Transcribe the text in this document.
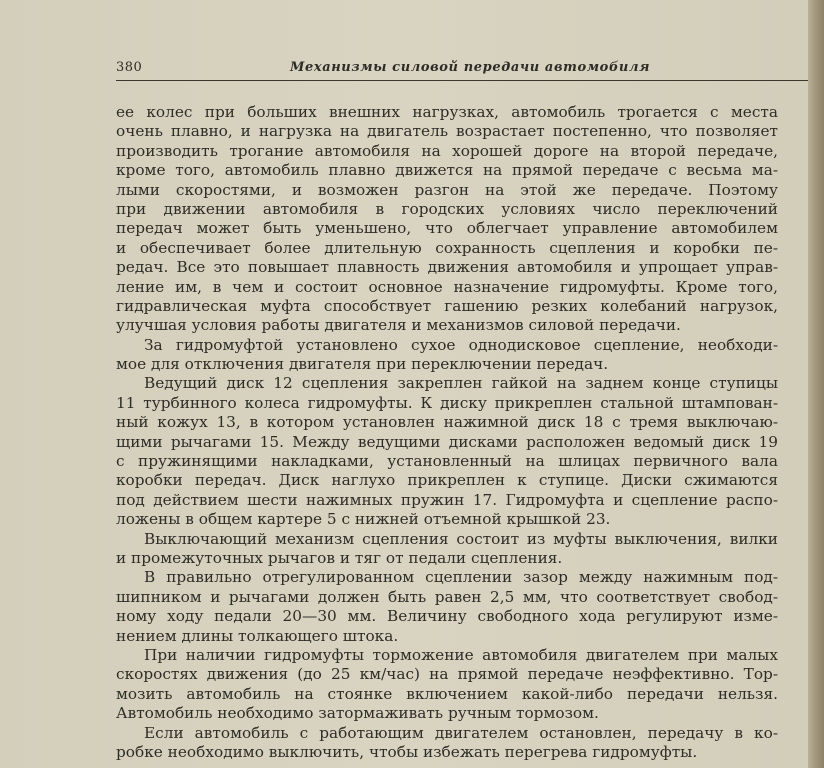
380	Механизмы силовой передачи автомобиля
ее колес при больших внешних нагрузках, автомобиль трогается с места
очень плавно, и нагрузка на двигатель возрастает постепенно, что позволяет
производить трогание автомобиля на хорошей дороге на второй передаче,
кроме того, автомобиль плавно движется на прямой передаче с весьма ма-
лыми скоростями, и возможен разгон на этой же передаче. Поэтому
при движении автомобиля в городских условиях число переключений
передач может быть уменьшено, что облегчает управление автомобилем
и обеспечивает более длительную сохранность сцепления и коробки пе-
редач. Все это повышает плавность движения автомобиля и упрощает управ-
ление им, в чем и состоит основное назначение гидромуфты. Кроме того,
гидравлическая муфта способствует гашению резких колебаний нагрузок,
улучшая условия работы двигателя и механизмов силовой передачи.
За гидромуфтой установлено сухое однодисковое сцепление, необходи-
мое для отключения двигателя при переключении передач.
Ведущий диск 12 сцепления закреплен гайкой на заднем конце ступицы
11 турбинного колеса гидромуфты. К диску прикреплен стальной штампован-
ный кожух 13, в котором установлен нажимной диск 18 с тремя выключаю-
щими рычагами 15. Между ведущими дисками расположен ведомый диск 19
с пружинящими накладками, установленный на шлицах первичного вала
коробки передач. Диск наглухо прикреплен к ступице. Диски сжимаются
под действием шести нажимных пружин 17. Гидромуфта и сцепление распо-
ложены в общем картере 5 с нижней отъемной крышкой 23.
Выключающий механизм сцепления состоит из муфты выключения, вилки
и промежуточных рычагов и тяг от педали сцепления.
В правильно отрегулированном сцеплении зазор между нажимным под-
шипником и рычагами должен быть равен 2,5 мм, что соответствует свобод-
ному ходу педали 20—30 мм. Величину свободного хода регулируют изме-
нением длины толкающего штока.
При наличии гидромуфты торможение автомобиля двигателем при малых
скоростях движения (до 25 км/час) на прямой передаче неэффективно. Тор-
мозить автомобиль на стоянке включением какой-либо передачи нельзя.
Автомобиль необходимо затормаживать ручным тормозом.
Если автомобиль с работающим двигателем остановлен, передачу в ко-
робке необходимо выключить, чтобы избежать перегрева гидромуфты.
